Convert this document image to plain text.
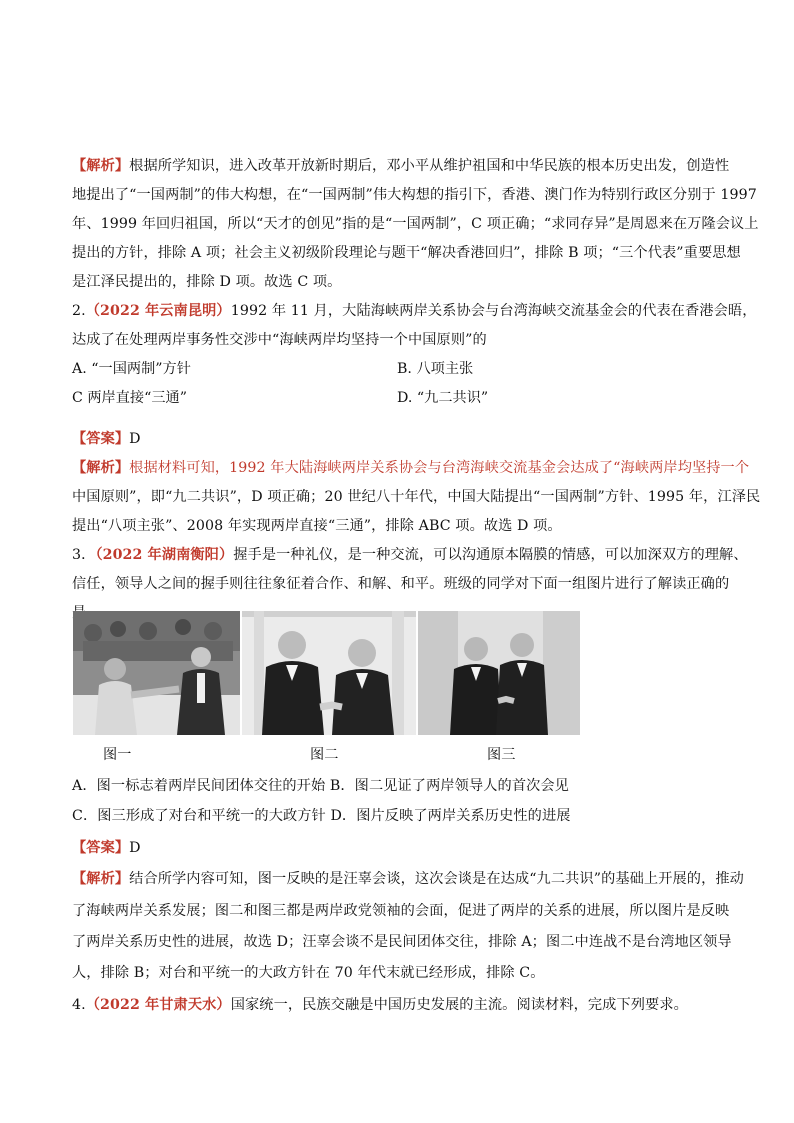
【解析】根据所学知识，进入改革开放新时期后，邓小平从维护祖国和中华民族的根本历史出发，创造性
地提出了“一国两制”的伟大构想，在“一国两制”伟大构想的指引下，香港、澳门作为特别行政区分别于 1997
年、1999 年回归祖国，所以“天才的创见”指的是“一国两制”，C 项正确；“求同存异”是周恩来在万隆会议上
提出的方针，排除 A 项；社会主义初级阶段理论与题干“解决香港回归”，排除 B 项；“三个代表”重要思想
是江泽民提出的，排除 D 项。故选 C 项。
2.（2022 年云南昆明）1992 年 11 月，大陆海峡两岸关系协会与台湾海峡交流基金会的代表在香港会晤，
达成了在处理两岸事务性交涉中“海峡两岸均坚持一个中国原则”的
A. “一国两制”方针	B. 八项主张
C 两岸直接“三通”	D. “九二共识”
【答案】D
【解析】根据材料可知，1992 年大陆海峡两岸关系协会与台湾海峡交流基金会达成了“海峡两岸均坚持一个
中国原则”，即“九二共识”，D 项正确；20 世纪八十年代，中国大陆提出“一国两制”方针、1995 年，江泽民
提出“八项主张”、2008 年实现两岸直接“三通”，排除 ABC 项。故选 D 项。
3．（2022 年湖南衡阳）握手是一种礼仪，是一种交流，可以沟通原本隔膜的情感，可以加深双方的理解、
信任，领导人之间的握手则往往象征着合作、和解、和平。班级的同学对下面一组图片进行了解读正确的
图一	图二	图三
A．图一标志着两岸民间团体交往的开始 B．图二见证了两岸领导人的首次会见
C．图三形成了对台和平统一的大政方针 D．图片反映了两岸关系历史性的进展
【答案】D
【解析】结合所学内容可知，图一反映的是汪辜会谈，这次会谈是在达成“九二共识”的基础上开展的，推动
了海峡两岸关系发展；图二和图三都是两岸政党领袖的会面，促进了两岸的关系的进展，所以图片是反映
了两岸关系历史性的进展，故选 D；汪辜会谈不是民间团体交往，排除 A；图二中连战不是台湾地区领导
人，排除 B；对台和平统一的大政方针在 70 年代末就已经形成，排除 C。
4.（2022 年甘肃天水）国家统一，民族交融是中国历史发展的主流。阅读材料，完成下列要求。
